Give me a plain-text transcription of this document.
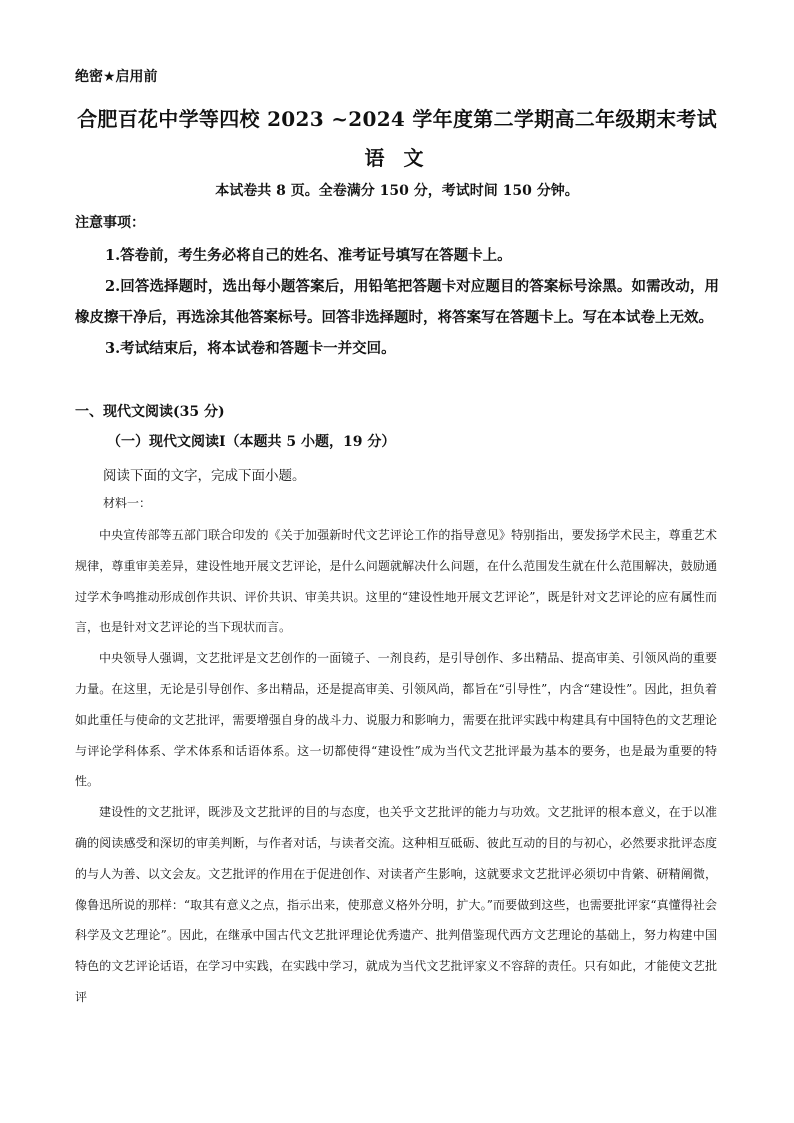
绝密★启用前
合肥百花中学等四校 2023 ~2024 学年度第二学期高二年级期末考试
语 文
本试卷共 8 页。全卷满分 150 分，考试时间 150 分钟。
注意事项：

1.答卷前，考生务必将自己的姓名、准考证号填写在答题卡上。

2.回答选择题时，选出每小题答案后，用铅笔把答题卡对应题目的答案标号涂黑。如需改动，用橡皮擦干净后，再选涂其他答案标号。回答非选择题时，将答案写在答题卡上。写在本试卷上无效。

3.考试结束后，将本试卷和答题卡一并交回。

一、现代文阅读(35 分)
（一）现代文阅读Ⅰ（本题共 5 小题，19 分）
阅读下面的文字，完成下面小题。
材料一：

中央宣传部等五部门联合印发的《关于加强新时代文艺评论工作的指导意见》特别指出，要发扬学术民主，尊重艺术规律，尊重审美差异，建设性地开展文艺评论，是什么问题就解决什么问题，在什么范围发生就在什么范围解决，鼓励通过学术争鸣推动形成创作共识、评价共识、审美共识。这里的“建设性地开展文艺评论”，既是针对文艺评论的应有属性而言，也是针对文艺评论的当下现状而言。

中央领导人强调，文艺批评是文艺创作的一面镜子、一剂良药，是引导创作、多出精品、提高审美、引领风尚的重要力量。在这里，无论是引导创作、多出精品，还是提高审美、引领风尚，都旨在“引导性”，内含“建设性”。因此，担负着如此重任与使命的文艺批评，需要增强自身的战斗力、说服力和影响力，需要在批评实践中构建具有中国特色的文艺理论与评论学科体系、学术体系和话语体系。这一切都使得“建设性”成为当代文艺批评最为基本的要务，也是最为重要的特性。

建设性的文艺批评，既涉及文艺批评的目的与态度，也关乎文艺批评的能力与功效。文艺批评的根本意义，在于以准确的阅读感受和深切的审美判断，与作者对话，与读者交流。这种相互砥砺、彼此互动的目的与初心，必然要求批评态度的与人为善、以文会友。文艺批评的作用在于促进创作、对读者产生影响，这就要求文艺批评必须切中肯綮、研精阐微，像鲁迅所说的那样：“取其有意义之点，指示出来，使那意义格外分明，扩大。”而要做到这些，也需要批评家“真懂得社会科学及文艺理论”。因此，在继承中国古代文艺批评理论优秀遗产、批判借鉴现代西方文艺理论的基础上，努力构建中国特色的文艺评论话语，在学习中实践，在实践中学习，就成为当代文艺批评家义不容辞的责任。只有如此，才能使文艺批评
